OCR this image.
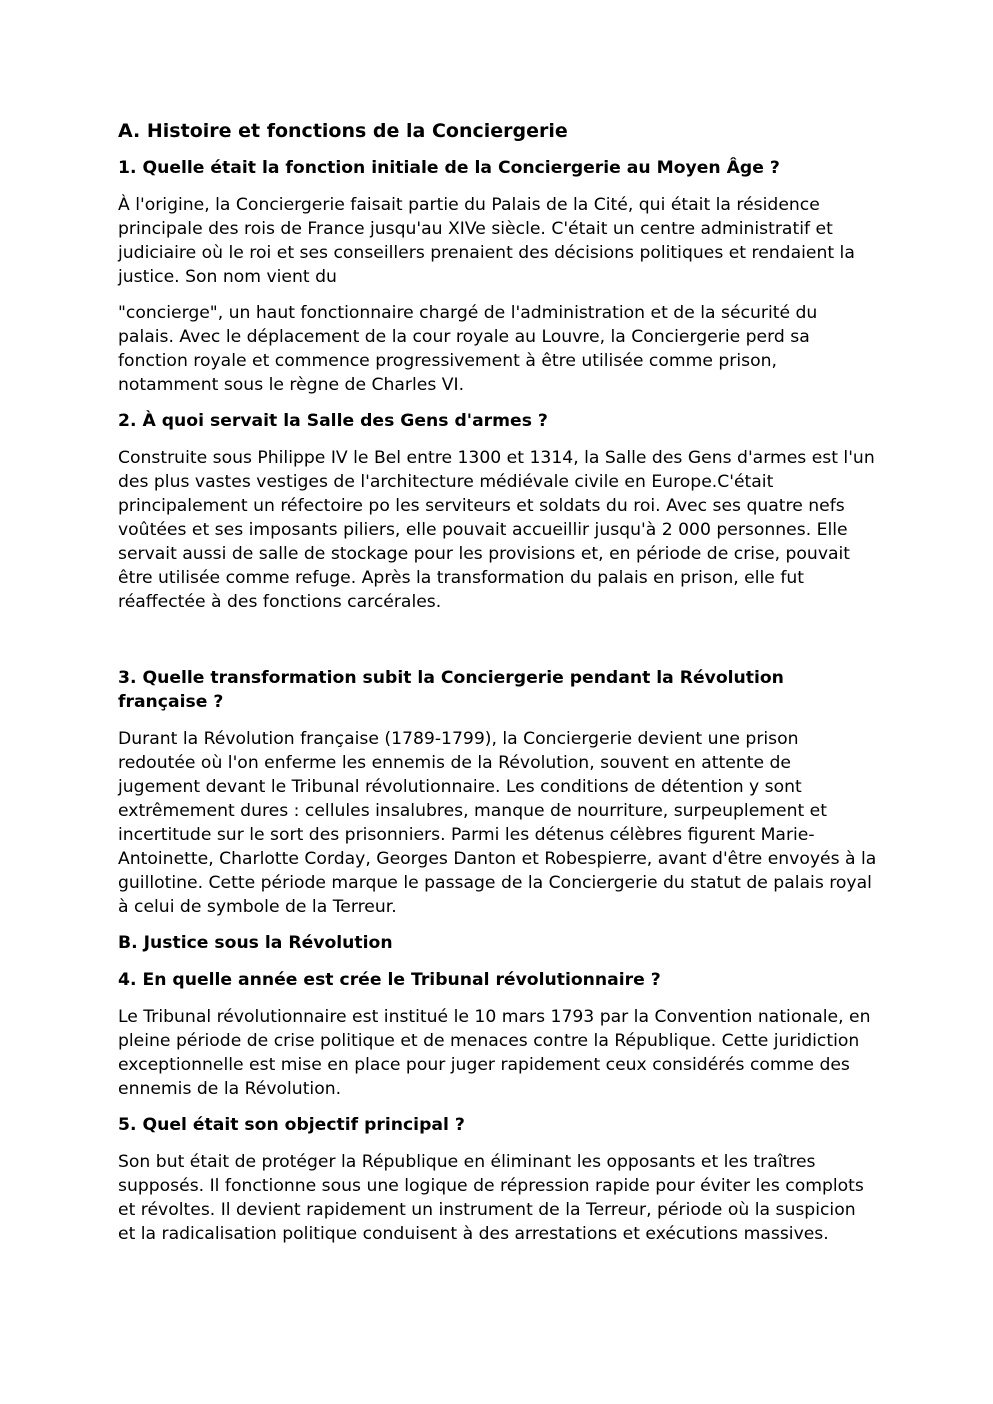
A. Histoire et fonctions de la Conciergerie
1. Quelle était la fonction initiale de la Conciergerie au Moyen Âge ?
À l'origine, la Conciergerie faisait partie du Palais de la Cité, qui était la résidence principale des rois de France jusqu'au XIVe siècle. C'était un centre administratif et judiciaire où le roi et ses conseillers prenaient des décisions politiques et rendaient la justice. Son nom vient du
"concierge", un haut fonctionnaire chargé de l'administration et de la sécurité du palais. Avec le déplacement de la cour royale au Louvre, la Conciergerie perd sa fonction royale et commence progressivement à être utilisée comme prison, notamment sous le règne de Charles VI.
2. À quoi servait la Salle des Gens d'armes ?
Construite sous Philippe IV le Bel entre 1300 et 1314, la Salle des Gens d'armes est l'un des plus vastes vestiges de l'architecture médiévale civile en Europe.C'était principalement un réfectoire po les serviteurs et soldats du roi. Avec ses quatre nefs voûtées et ses imposants piliers, elle pouvait accueillir jusqu'à 2 000 personnes. Elle servait aussi de salle de stockage pour les provisions et, en période de crise, pouvait être utilisée comme refuge. Après la transformation du palais en prison, elle fut réaffectée à des fonctions carcérales.
3. Quelle transformation subit la Conciergerie pendant la Révolution française ?
Durant la Révolution française (1789-1799), la Conciergerie devient une prison redoutée où l'on enferme les ennemis de la Révolution, souvent en attente de jugement devant le Tribunal révolutionnaire. Les conditions de détention y sont extrêmement dures : cellules insalubres, manque de nourriture, surpeuplement et incertitude sur le sort des prisonniers. Parmi les détenus célèbres figurent Marie-Antoinette, Charlotte Corday, Georges Danton et Robespierre, avant d'être envoyés à la guillotine. Cette période marque le passage de la Conciergerie du statut de palais royal à celui de symbole de la Terreur.
B. Justice sous la Révolution
4. En quelle année est crée le Tribunal révolutionnaire ?
Le Tribunal révolutionnaire est institué le 10 mars 1793 par la Convention nationale, en pleine période de crise politique et de menaces contre la République. Cette juridiction exceptionnelle est mise en place pour juger rapidement ceux considérés comme des ennemis de la Révolution.
5. Quel était son objectif principal ?
Son but était de protéger la République en éliminant les opposants et les traîtres supposés. Il fonctionne sous une logique de répression rapide pour éviter les complots et révoltes. Il devient rapidement un instrument de la Terreur, période où la suspicion et la radicalisation politique conduisent à des arrestations et exécutions massives.
